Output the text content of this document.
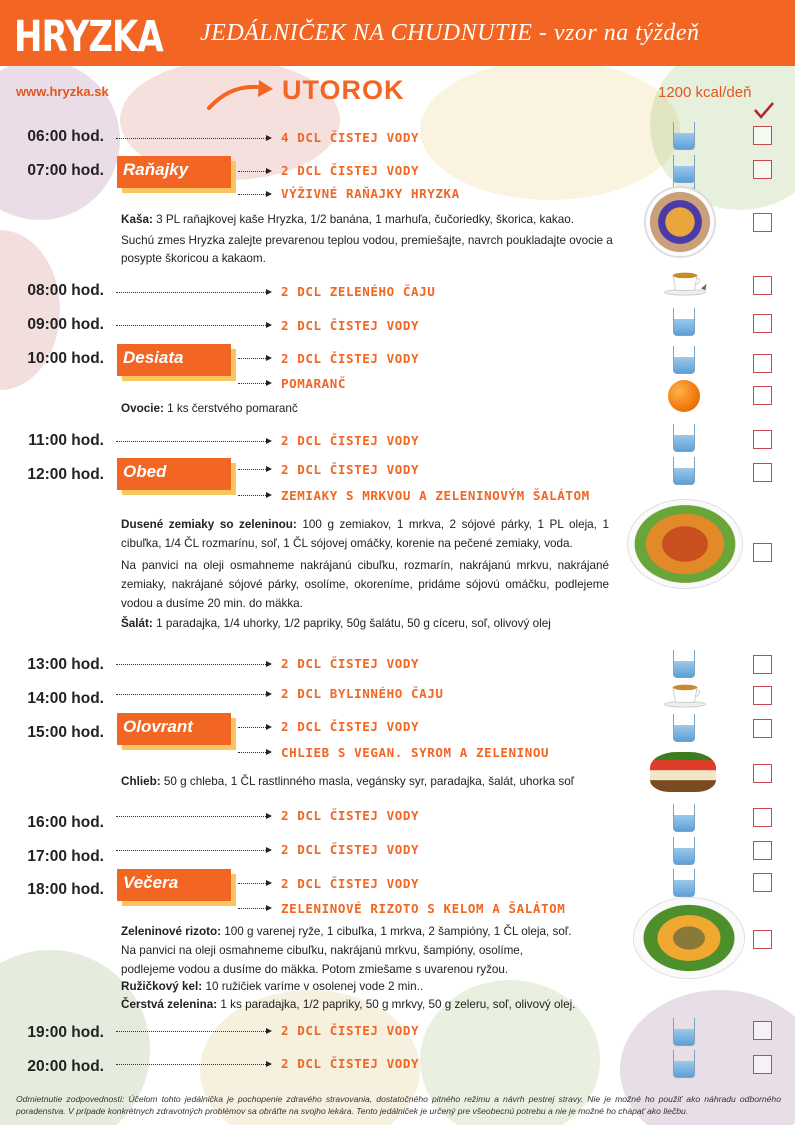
HRYZKA JEDÁLNIČEK NA CHUDNUTIE - vzor na týždeň
www.hryzka.sk	UTOROK	1200 kcal/deň
06:00 hod.	4 DCL ČISTEJ VODY
07:00 hod. Raňajky	2 DCL ČISTEJ VODY
VÝŽIVNÉ RAŇAJKY HRYZKA
Kaša: 3 PL raňajkovej kaše Hryzka, 1/2 banána, 1 marhuľa, čučoriedky, škorica, kakao.
Suchú zmes Hryzka zalejte prevarenou teplou vodou, premiešajte, navrch poukladajte ovocie a posypte škoricou a kakaom.
08:00 hod.	2 DCL ZELENÉHO ČAJU
09:00 hod.	2 DCL ČISTEJ VODY
10:00 hod. Desiata	2 DCL ČISTEJ VODY
POMARANČ
Ovocie: 1 ks čerstvého pomaranč
11:00 hod.	2 DCL ČISTEJ VODY
12:00 hod. Obed	2 DCL ČISTEJ VODY
ZEMIAKY S MRKVOU A ZELENINOVÝM ŠALÁTOM
Dusené zemiaky so zeleninou: 100 g zemiakov, 1 mrkva, 2 sójové párky, 1 PL oleja, 1 cibuľka, 1/4 ČL rozmarínu, soľ, 1 ČL sójovej omáčky, korenie na pečené zemiaky, voda.
Na panvici na oleji osmahneme nakrájanú cibuľku, rozmarín, nakrájanú mrkvu, nakrájané zemiaky, nakrájané sójové párky, osolíme, okoreníme, pridáme sójovú omáčku, podlejeme vodou a dusíme 20 min. do mäkka.
Šalát: 1 paradajka, 1/4 uhorky, 1/2 papriky, 50g šalátu, 50 g cíceru, soľ, olivový olej
13:00 hod.	2 DCL ČISTEJ VODY
14:00 hod.	2 DCL BYLINNÉHO ČAJU
15:00 hod. Olovrant	2 DCL ČISTEJ VODY
CHLIEB S VEGAN. SYROM A ZELENINOU
Chlieb: 50 g chleba, 1 ČL rastlinného masla, vegánsky syr, paradajka, šalát, uhorka soľ
16:00 hod.	2 DCL ČISTEJ VODY
17:00 hod.	2 DCL ČISTEJ VODY
18:00 hod. Večera	2 DCL ČISTEJ VODY
ZELENINOVÉ RIZOTO S KELOM A ŠALÁTOM
Zeleninové rizoto: 100 g varenej ryže, 1 cibuľka, 1 mrkva, 2 šampióny, 1 ČL oleja, soľ.
Na panvici na oleji osmahneme cibuľku, nakrájanú mrkvu, šampióny, osolíme, podlejeme vodou a dusíme do mäkka. Potom zmiešame s uvarenou ryžou.
Ružičkový kel: 10 ružičiek varíme v osolenej vode 2 min..
Čerstvá zelenina: 1 ks paradajka, 1/2 papriky, 50 g mrkvy, 50 g zeleru, soľ, olivový olej.
19:00 hod.	2 DCL ČISTEJ VODY
20:00 hod.	2 DCL ČISTEJ VODY
Odmietnutie zodpovednosti: Účelom tohto jedálnička je pochopenie zdravého stravovania, dostatočného pitného režimu a návrh pestrej stravy. Nie je možné ho použiť ako náhradu odborného poradenstva. V prípade konkrétnych zdravotných problémov sa obráťte na svojho lekára. Tento jedálniček je určený pre všeobecnú potrebu a nie je možné ho chápať ako liečbu.
